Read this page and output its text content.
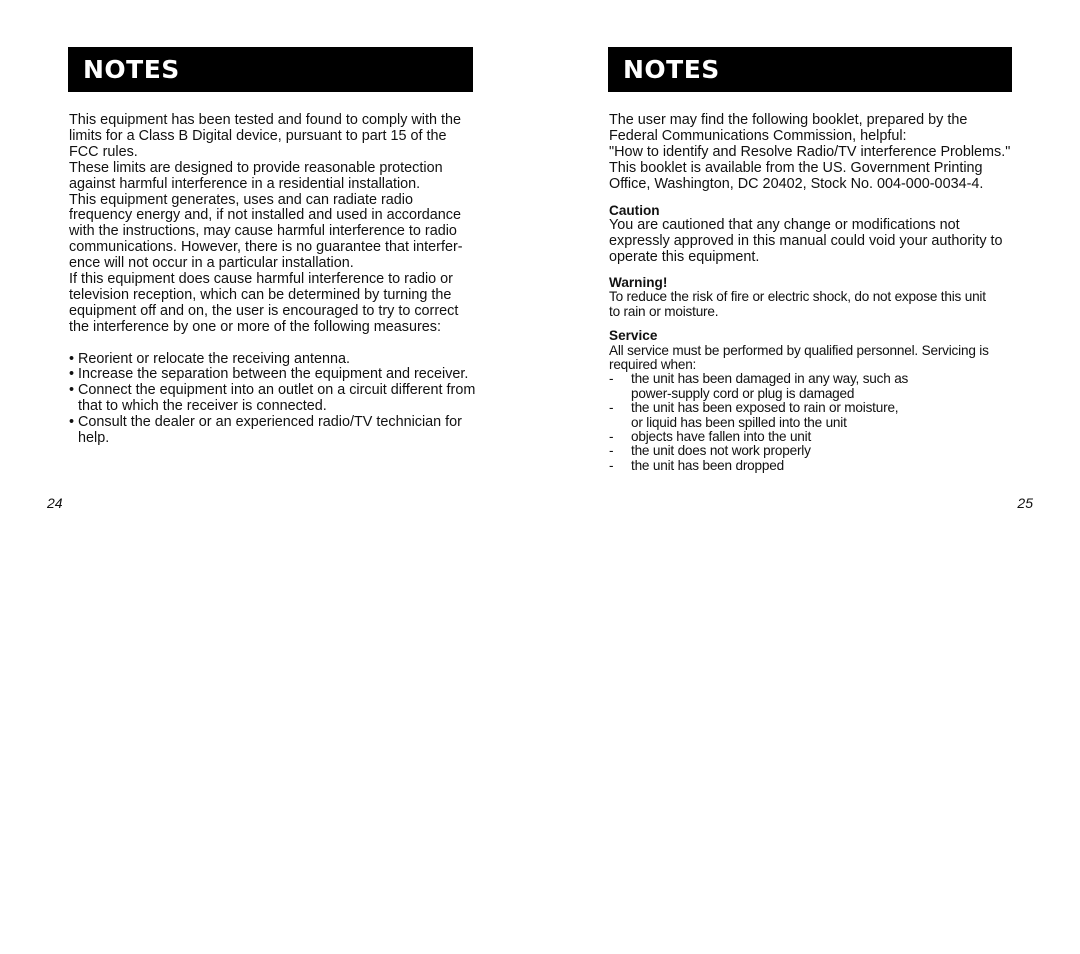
NOTES

This equipment has been tested and found to comply with the
limits for a Class B Digital device, pursuant to part 15 of the
FCC rules.
These limits are designed to provide reasonable protection
against harmful interference in a residential installation.
This equipment generates, uses and can radiate radio
frequency energy and, if not installed and used in accordance
with the instructions, may cause harmful interference to radio
communications. However, there is no guarantee that interfer-
ence will not occur in a particular installation.
If this equipment does cause harmful interference to radio or
television reception, which can be determined by turning the
equipment off and on, the user is encouraged to try to correct
the interference by one or more of the following measures:

• Reorient or relocate the receiving antenna.
• Increase the separation between the equipment and receiver.
• Connect the equipment into an outlet on a circuit different from that to which the receiver is connected.
• Consult the dealer or an experienced radio/TV technician for help.
24
NOTES

The user may find the following booklet, prepared by the
Federal Communications Commission, helpful:
"How to identify and Resolve Radio/TV interference Problems."
This booklet is available from the US. Government Printing
Office, Washington, DC 20402, Stock No. 004-000-0034-4.

Caution

You are cautioned that any change or modifications not
expressly approved in this manual could void your authority to
operate this equipment.

Warning!

To reduce the risk of fire or electric shock, do not expose this unit
to rain or moisture.

Service

All service must be performed by qualified personnel. Servicing is
required when:

- the unit has been damaged in any way, such as
power-supply cord or plug is damaged
- the unit has been exposed to rain or moisture,
or liquid has been spilled into the unit
- objects have fallen into the unit
- the unit does not work properly
- the unit has been dropped
25
